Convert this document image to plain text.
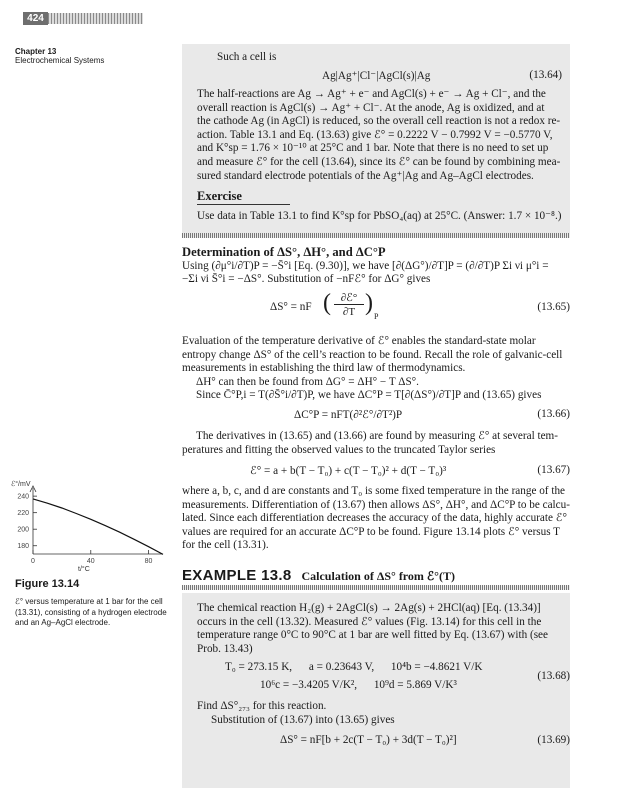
424
Chapter 13
Electrochemical Systems	Such a cell is
Ag|Ag⁺|Cl⁻|AgCl(s)|Ag	(13.64)
The half-reactions are Ag → Ag⁺ + e⁻ and AgCl(s) + e⁻ → Ag + Cl⁻, and the
overall reaction is AgCl(s) → Ag⁺ + Cl⁻. At the anode, Ag is oxidized, and at
the cathode Ag (in AgCl) is reduced, so the overall cell reaction is not a redox re-
action. Table 13.1 and Eq. (13.63) give ℰ° = 0.2222 V − 0.7992 V = −0.5770 V,
and K°sp = 1.76 × 10⁻¹⁰ at 25°C and 1 bar. Note that there is no need to set up
and measure ℰ° for the cell (13.64), since its ℰ° can be found by combining mea-
sured standard electrode potentials of the Ag⁺|Ag and Ag–AgCl electrodes.
Exercise
Use data in Table 13.1 to find K°sp for PbSO₄(aq) at 25°C. (Answer: 1.7 × 10⁻⁸.)
Determination of ΔS°, ΔH°, and ΔC°P
Using (∂μ°i/∂T)P = −S̄°i [Eq. (9.30)], we have [∂(ΔG°)/∂T]P = (∂/∂T)P Σi νi μ°i =
−Σi νi S̄°i = −ΔS°. Substitution of −nFℰ° for ΔG° gives
ΔS° = nF ( ∂ℰ°
∂T )
P
(13.65)
Evaluation of the temperature derivative of ℰ° enables the standard-state molar
entropy change ΔS° of the cell’s reaction to be found. Recall the role of galvanic-cell
measurements in establishing the third law of thermodynamics.
ΔH° can then be found from ΔG° = ΔH° − T ΔS°.
Since C̄°P,i = T(∂S̄°i/∂T)P, we have ΔC°P = T[∂(ΔS°)/∂T]P and (13.65) gives
ΔC°P = nFT(∂²ℰ°/∂T²)P	(13.66)
The derivatives in (13.65) and (13.66) are found by measuring ℰ° at several tem-
peratures and fitting the observed values to the truncated Taylor series
ℰ° = a + b(T − T₀) + c(T − T₀)² + d(T − T₀)³	(13.67)
where a, b, c, and d are constants and T₀ is some fixed temperature in the range of the
measurements. Differentiation of (13.67) then allows ΔS°, ΔH°, and ΔC°P to be calcu-
lated. Since each differentiation decreases the accuracy of the data, highly accurate ℰ°
values are required for an accurate ΔC°P to be found. Figure 13.14 plots ℰ° versus T
for the cell (13.31).
ℰ°/mV
240
220
200
180
0	40	80
t/°C
Figure 13.14
ℰ° versus temperature at 1 bar for the cell (13.31), consisting of a hydrogen electrode and an Ag–AgCl electrode.
EXAMPLE 13.8 Calculation of ΔS° from ℰ°(T)
The chemical reaction H₂(g) + 2AgCl(s) → 2Ag(s) + 2HCl(aq) [Eq. (13.34)]
occurs in the cell (13.32). Measured ℰ° values (Fig. 13.14) for this cell in the
temperature range 0°C to 90°C at 1 bar are well fitted by Eq. (13.67) with (see
Prob. 13.43)
T₀ = 273.15 K,      a = 0.23643 V,      10⁴b = −4.8621 V/K
10⁶c = −3.4205 V/K²,      10⁹d = 5.869 V/K³
(13.68)
Find ΔS°₂₇₃ for this reaction.
Substitution of (13.67) into (13.65) gives
ΔS° = nF[b + 2c(T − T₀) + 3d(T − T₀)²]	(13.69)
